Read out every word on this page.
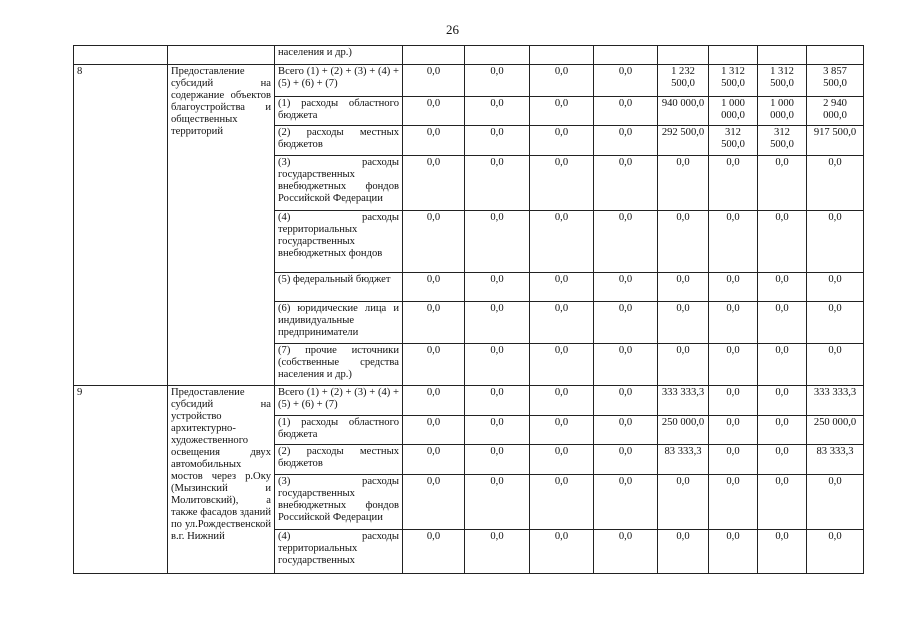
26
		населения и др.)								
8	Предоставление субсидий на содержание объектов благоустройства и общественных территорий	Всего (1) + (2) + (3) + (4) + (5) + (6) + (7)	0,0	0,0	0,0	0,0	1 232 500,0	1 312 500,0	1 312 500,0	3 857 500,0
		(1) расходы областного бюджета	0,0	0,0	0,0	0,0	940 000,0	1 000 000,0	1 000 000,0	2 940 000,0
		(2) расходы местных бюджетов	0,0	0,0	0,0	0,0	292 500,0	312 500,0	312 500,0	917 500,0
		(3) расходы государственных внебюджетных фондов Российской Федерации	0,0	0,0	0,0	0,0	0,0	0,0	0,0	0,0
		(4) расходы территориальных государственных внебюджетных фондов	0,0	0,0	0,0	0,0	0,0	0,0	0,0	0,0
		(5) федеральный бюджет	0,0	0,0	0,0	0,0	0,0	0,0	0,0	0,0
		(6) юридические лица и индивидуальные предприниматели	0,0	0,0	0,0	0,0	0,0	0,0	0,0	0,0
		(7) прочие источники (собственные средства населения и др.)	0,0	0,0	0,0	0,0	0,0	0,0	0,0	0,0
9	Предоставление субсидий на устройство архитектурно-художественного освещения двух автомобильных мостов через р.Оку (Мызинский и Молитовский), а также фасадов зданий по ул.Рождественской в.г. Нижний	Всего (1) + (2) + (3) + (4) + (5) + (6) + (7)	0,0	0,0	0,0	0,0	333 333,3	0,0	0,0	333 333,3
		(1) расходы областного бюджета	0,0	0,0	0,0	0,0	250 000,0	0,0	0,0	250 000,0
		(2) расходы местных бюджетов	0,0	0,0	0,0	0,0	83 333,3	0,0	0,0	83 333,3
		(3) расходы государственных внебюджетных фондов Российской Федерации	0,0	0,0	0,0	0,0	0,0	0,0	0,0	0,0
		(4) расходы территориальных государственных	0,0	0,0	0,0	0,0	0,0	0,0	0,0	0,0
